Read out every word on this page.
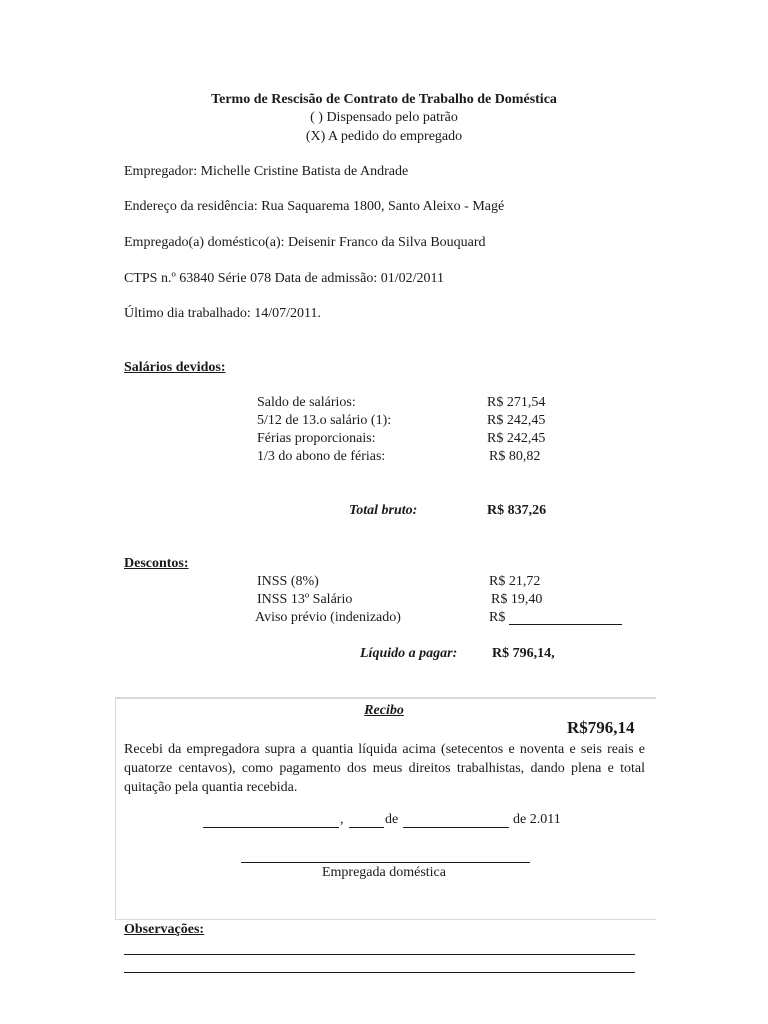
Termo de Rescisão de Contrato de Trabalho de Doméstica
( ) Dispensado pelo patrão
(X) A pedido do empregado
Empregador: Michelle Cristine Batista de Andrade
Endereço da residência: Rua Saquarema 1800, Santo Aleixo - Magé
Empregado(a) doméstico(a): Deisenir Franco da Silva Bouquard
CTPS n.º 63840 Série 078 Data de admissão: 01/02/2011
Último dia trabalhado: 14/07/2011.
Salários devidos:
Saldo de salários:	R$ 271,54
5/12 de 13.o salário (1):	R$ 242,45
Férias proporcionais:	R$ 242,45
1/3 do abono de férias:	R$ 80,82
Total bruto:	R$ 837,26
Descontos:
INSS (8%)	R$ 21,72
INSS 13º Salário	R$ 19,40
Aviso prévio (indenizado)	R$
Líquido a pagar: R$ 796,14,
Recibo
R$796,14
Recebi da empregadora supra a quantia líquida acima (setecentos e noventa e seis reais e quatorze centavos), como pagamento dos meus direitos trabalhistas, dando plena e total quitação pela quantia recebida.
,	de	de 2.011
Empregada doméstica
Observações:
